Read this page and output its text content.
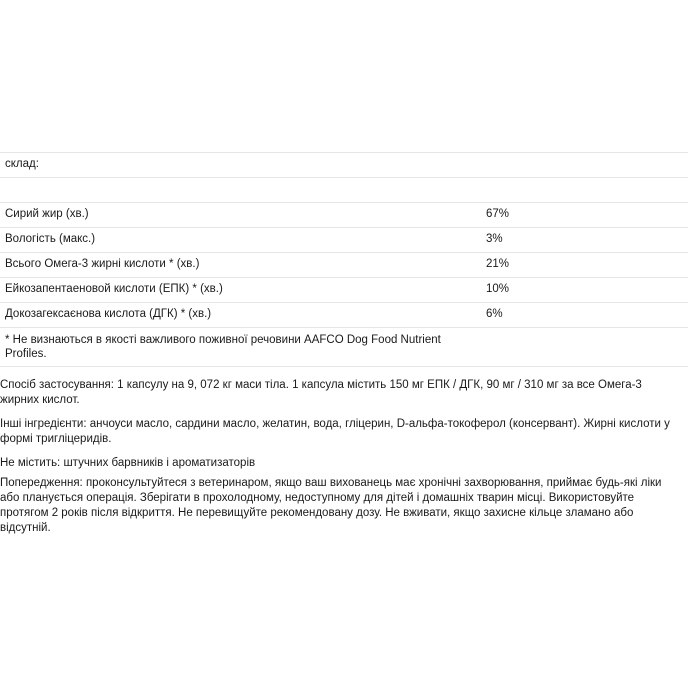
склад:
Сирий жир (хв.)	67%
Вологість (макс.)	3%
Всього Омега-3 жирні кислоти * (хв.)	21%
Ейкозапентаеновой кислоти (ЕПК) * (хв.)	10%
Докозагексаєнова кислота (ДГК) * (хв.)	6%
* Не визнаються в якості важливого поживної речовини AAFCO Dog Food Nutrient Profiles.

Спосіб застосування: 1 капсулу на 9, 072 кг маси тіла. 1 капсула містить 150 мг ЕПК / ДГК, 90 мг / 310 мг за все Омега-3 жирних кислот.

Інші інгредієнти: анчоуси масло, сардини масло, желатин, вода, гліцерин, D-альфа-токоферол (консервант). Жирні кислоти у формі тригліцеридів.

Не містить: штучних барвників і ароматизаторів

Попередження: проконсультуйтеся з ветеринаром, якщо ваш вихованець має хронічні захворювання, приймає будь-які ліки або планується операція. Зберігати в прохолодному, недоступному для дітей і домашніх тварин місці. Використовуйте протягом 2 років після відкриття. Не перевищуйте рекомендовану дозу. Не вживати, якщо захисне кільце зламано або відсутній.
